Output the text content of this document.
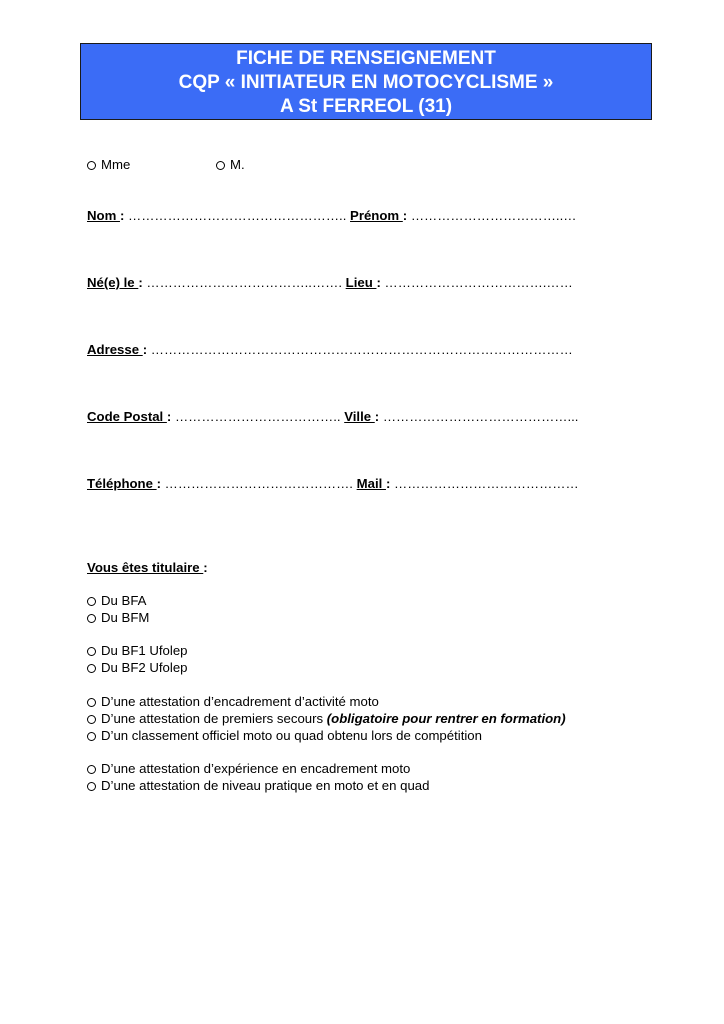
FICHE DE RENSEIGNEMENT
CQP « INITIATEUR EN MOTOCYCLISME »
A St FERREOL (31)
Mme	M.
Nom : ………………………………………….. Prénom : ……………………………..…
Né(e) le : ………………………………..……. Lieu : ……………………………….……
Adresse : ……………………………………………………………………………………
Code Postal : ……………………………….. Ville : ……………………………………...
Téléphone : ……………………………………. Mail : ……………………………………
Vous êtes titulaire :
Du BFA
Du BFM
Du BF1 Ufolep
Du BF2 Ufolep
D’une attestation d’encadrement d’activité moto
D’une attestation de premiers secours (obligatoire pour rentrer en formation)
D’un classement officiel moto ou quad obtenu lors de compétition
D’une attestation d’expérience en encadrement moto
D’une attestation de niveau pratique en moto et en quad
